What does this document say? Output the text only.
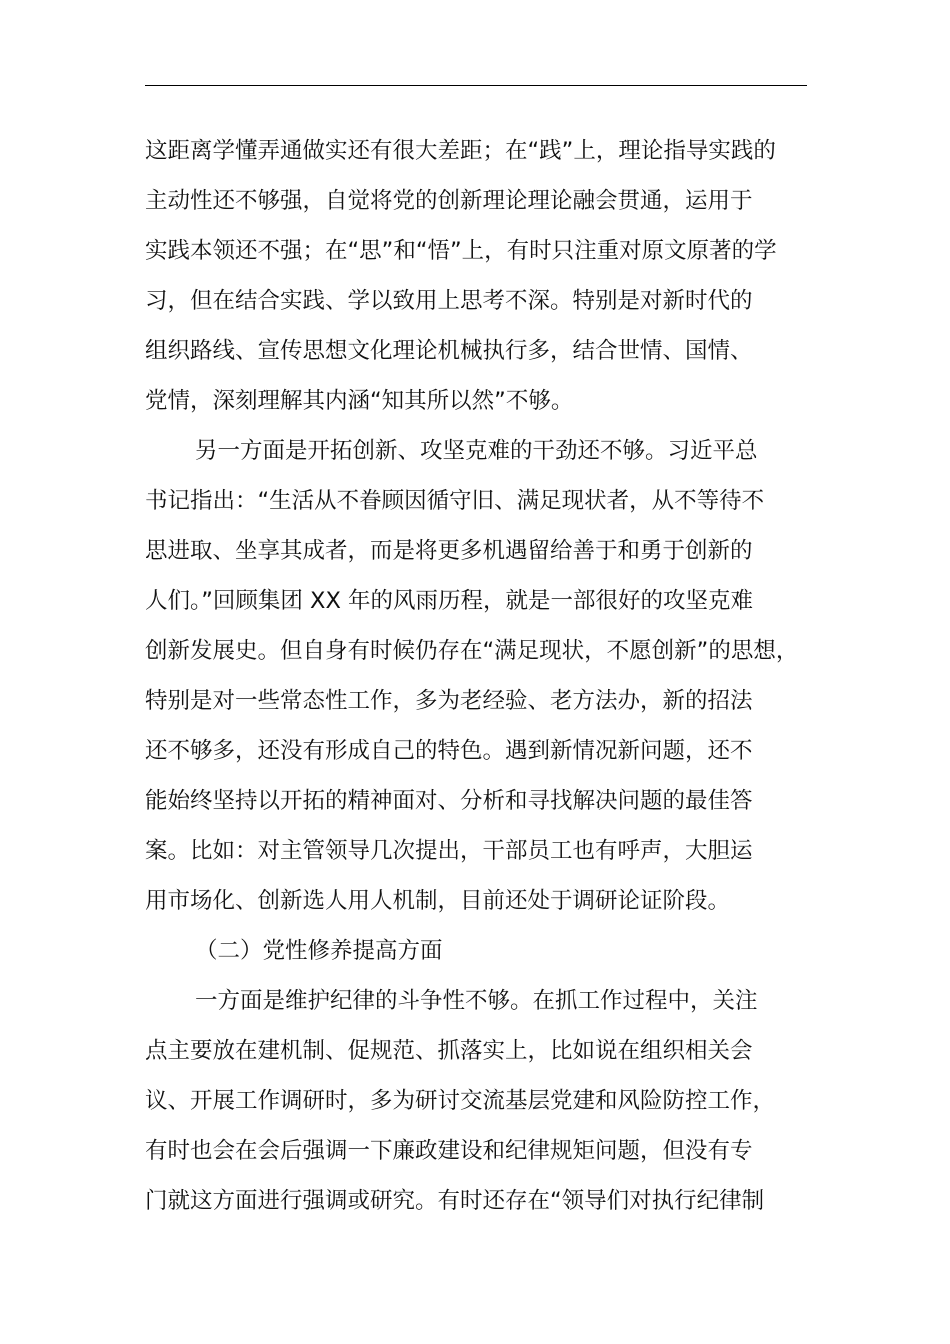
这距离学懂弄通做实还有很大差距；在“践”上，理论指导实践的
主动性还不够强，自觉将党的创新理论理论融会贯通，运用于
实践本领还不强；在“思”和“悟”上，有时只注重对原文原著的学
习，但在结合实践、学以致用上思考不深。特别是对新时代的
组织路线、宣传思想文化理论机械执行多，结合世情、国情、
党情，深刻理解其内涵“知其所以然”不够。
另一方面是开拓创新、攻坚克难的干劲还不够。习近平总
书记指出：“生活从不眷顾因循守旧、满足现状者，从不等待不
思进取、坐享其成者，而是将更多机遇留给善于和勇于创新的
人们。”回顾集团 XX 年的风雨历程，就是一部很好的攻坚克难
创新发展史。但自身有时候仍存在“满足现状，不愿创新”的思想，
特别是对一些常态性工作，多为老经验、老方法办，新的招法
还不够多，还没有形成自己的特色。遇到新情况新问题，还不
能始终坚持以开拓的精神面对、分析和寻找解决问题的最佳答
案。比如：对主管领导几次提出，干部员工也有呼声，大胆运
用市场化、创新选人用人机制，目前还处于调研论证阶段。
（二）党性修养提高方面
一方面是维护纪律的斗争性不够。在抓工作过程中，关注
点主要放在建机制、促规范、抓落实上，比如说在组织相关会
议、开展工作调研时，多为研讨交流基层党建和风险防控工作，
有时也会在会后强调一下廉政建设和纪律规矩问题，但没有专
门就这方面进行强调或研究。有时还存在“领导们对执行纪律制
